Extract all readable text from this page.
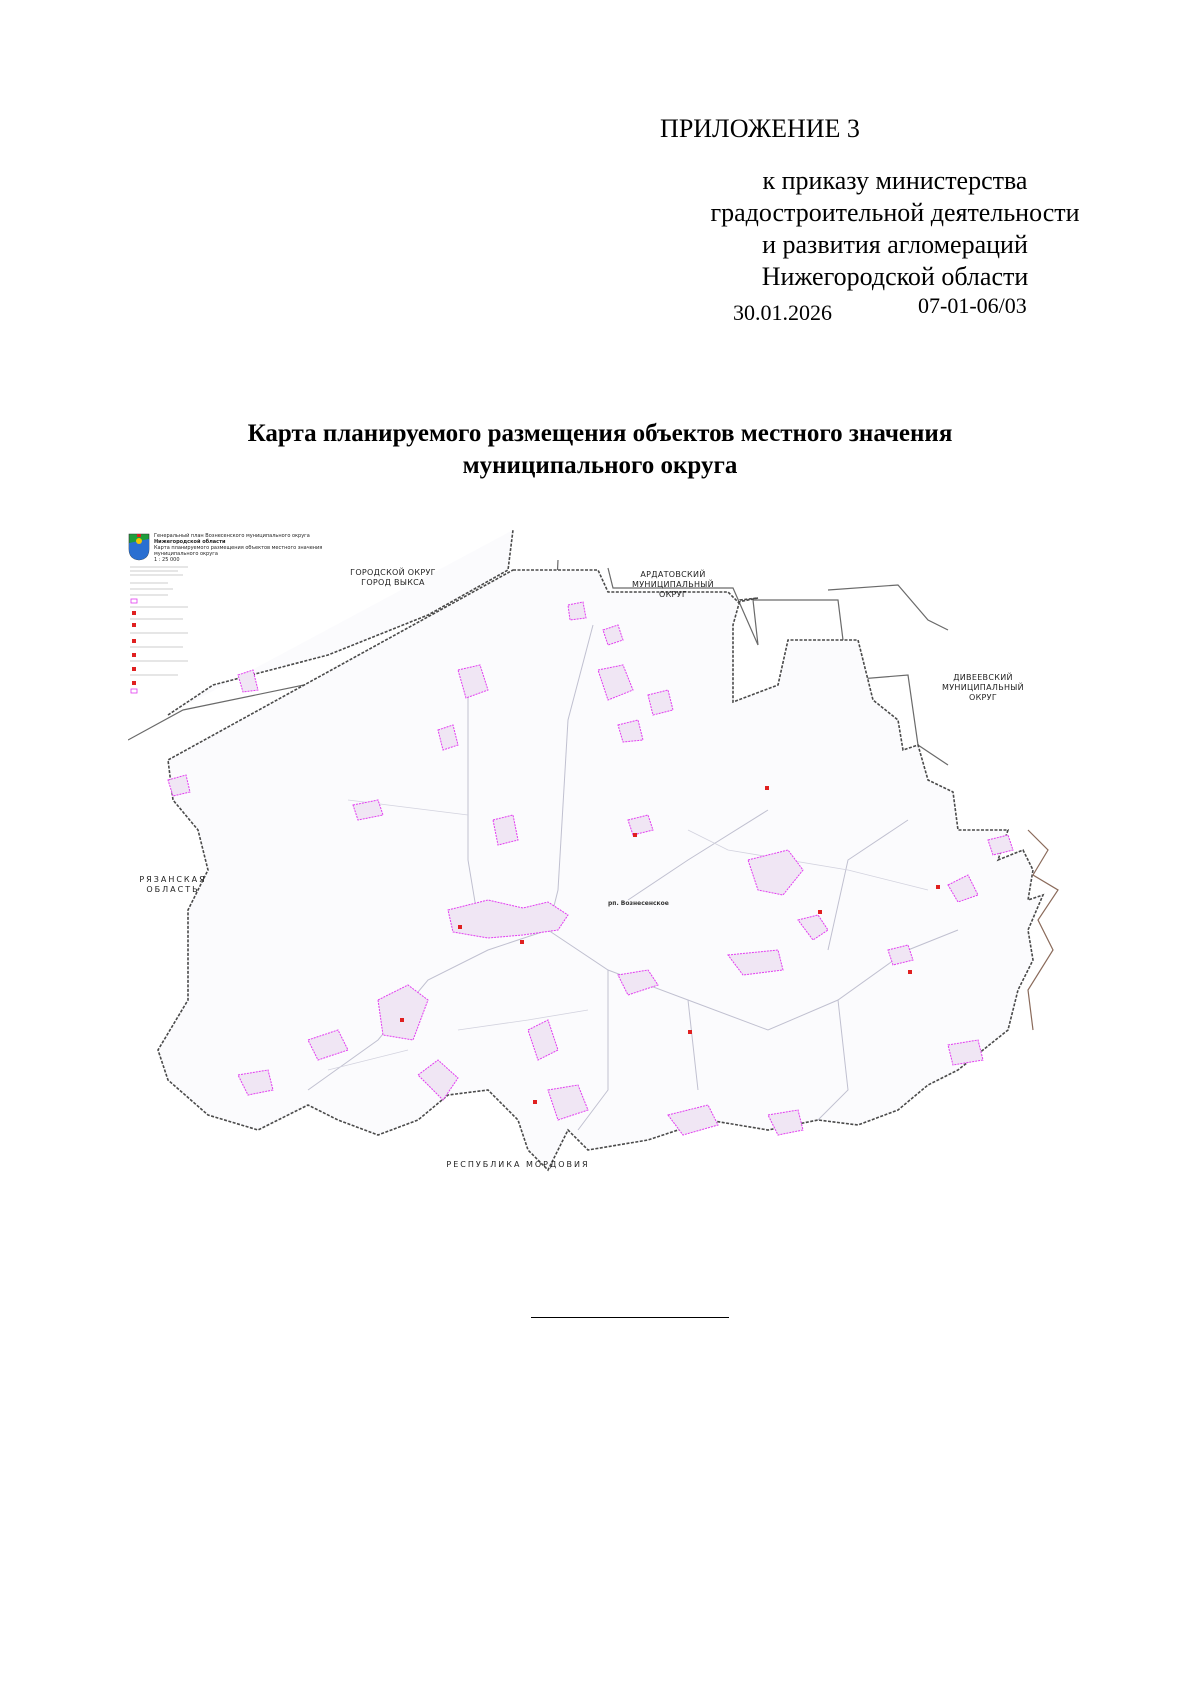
ПРИЛОЖЕНИЕ 3
к приказу министерства
градостроительной деятельности
и развития агломераций
Нижегородской области
30.01.2026	07-01-06/03
Карта планируемого размещения объектов местного значения
муниципального округа
ГОРОДСКОЙ ОКРУГ ГОРОД ВЫКСА
АРДАТОВСКИЙ МУНИЦИПАЛЬНЫЙ ОКРУГ
ДИВЕЕВСКИЙ МУНИЦИПАЛЬНЫЙ ОКРУГ
РЯЗАНСКАЯ ОБЛАСТЬ
РЕСПУБЛИКА МОРДОВИЯ
рп. Вознесенское
Генеральный план Вознесенского муниципального округа
Нижегородской области
Карта планируемого размещения объектов местного значения муниципального округа
1 : 25 000
